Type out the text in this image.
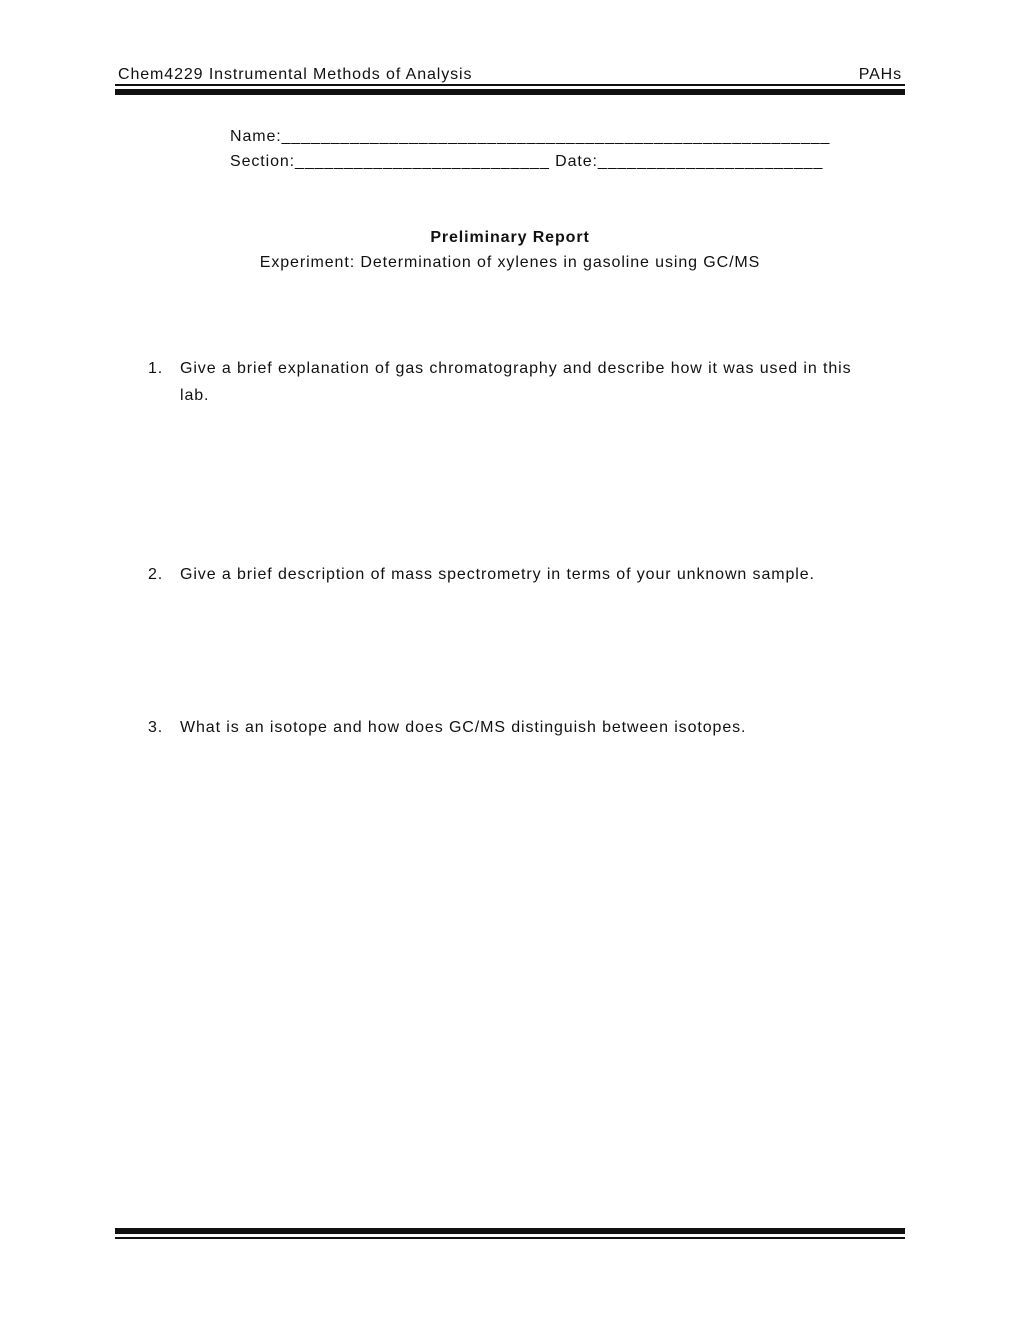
Chem4229 Instrumental Methods of Analysis	PAHs
Name:________________________________________________________
Section:__________________________ Date:_______________________
Preliminary Report
Experiment: Determination of xylenes in gasoline using GC/MS
1.	Give a brief explanation of gas chromatography and describe how it was used in this lab.
2.	Give a brief description of mass spectrometry in terms of your unknown sample.
3.	What is an isotope and how does GC/MS distinguish between isotopes.
